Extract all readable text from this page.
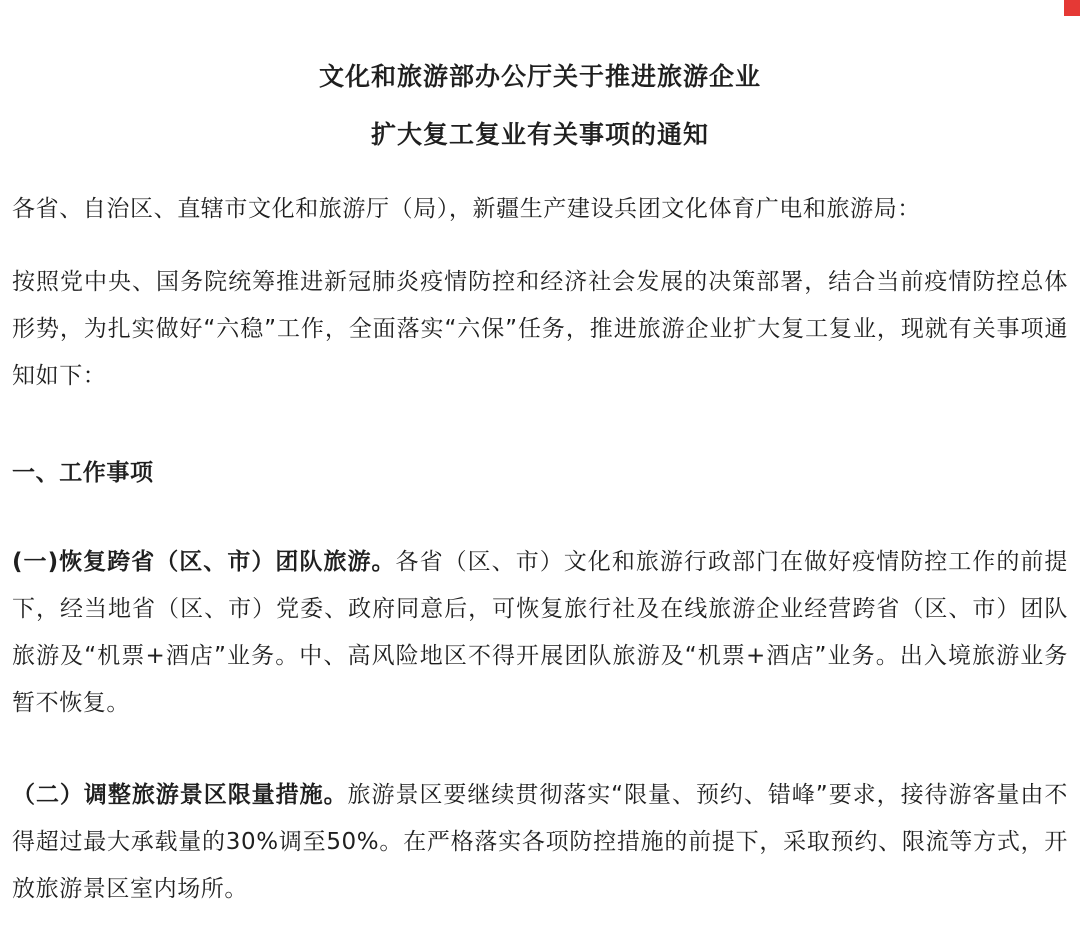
文化和旅游部办公厅关于推进旅游企业

扩大复工复业有关事项的通知

各省、自治区、直辖市文化和旅游厅（局），新疆生产建设兵团文化体育广电和旅游局：

按照党中央、国务院统筹推进新冠肺炎疫情防控和经济社会发展的决策部署，结合当前疫情防控总体形势，为扎实做好“六稳”工作，全面落实“六保”任务，推进旅游企业扩大复工复业，现就有关事项通知如下：

一、工作事项

(一)恢复跨省（区、市）团队旅游。各省（区、市）文化和旅游行政部门在做好疫情防控工作的前提下，经当地省（区、市）党委、政府同意后，可恢复旅行社及在线旅游企业经营跨省（区、市）团队旅游及“机票+酒店”业务。中、高风险地区不得开展团队旅游及“机票+酒店”业务。出入境旅游业务暂不恢复。

（二）调整旅游景区限量措施。旅游景区要继续贯彻落实“限量、预约、错峰”要求，接待游客量由不得超过最大承载量的30%调至50%。在严格落实各项防控措施的前提下，采取预约、限流等方式，开放旅游景区室内场所。
